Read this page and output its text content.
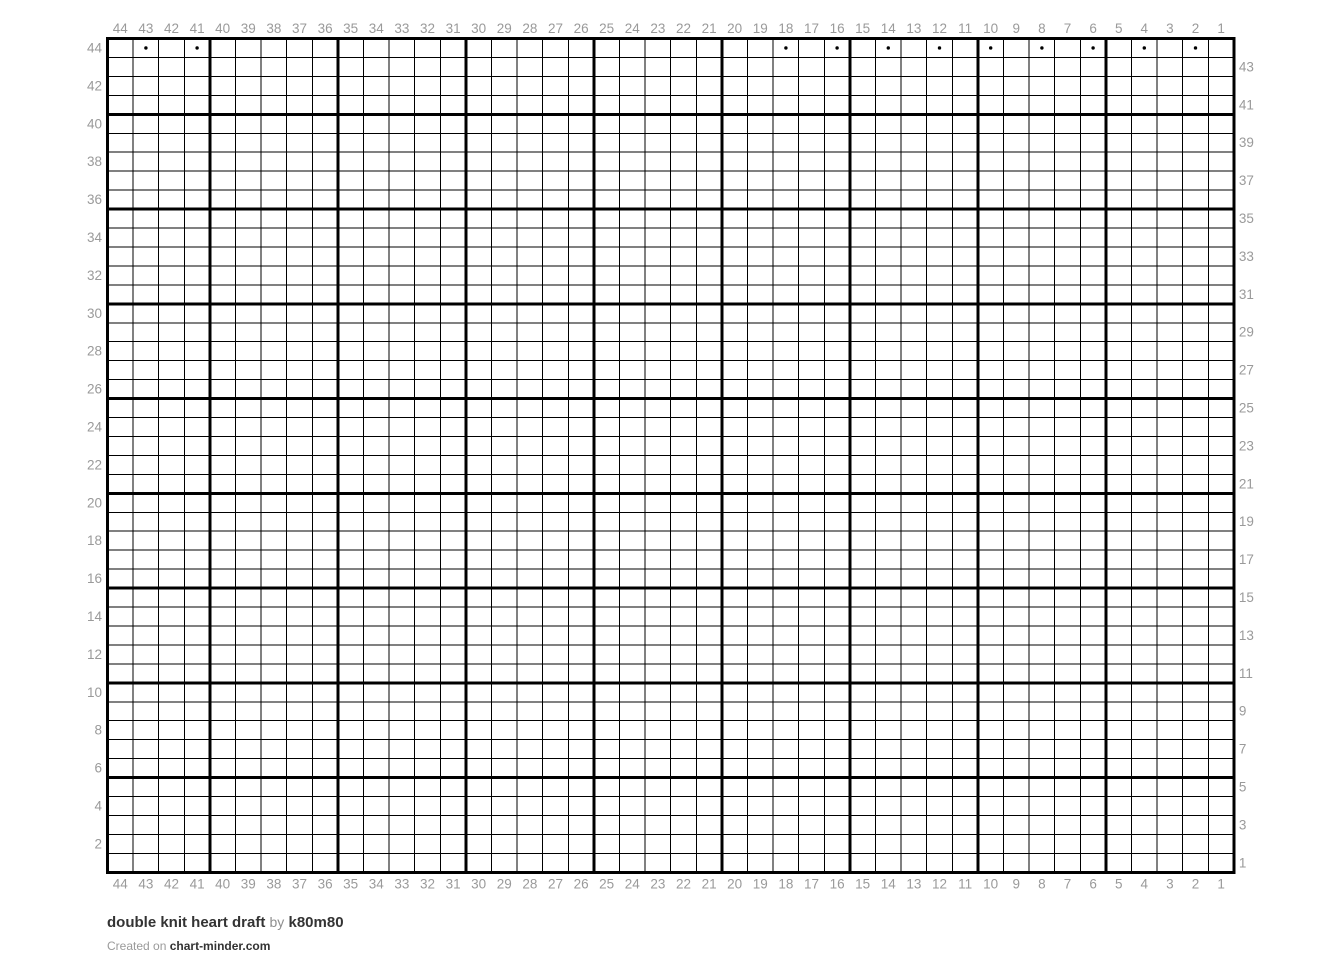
44 43 42 41 40 39 38 37 36 35 34 33 32 31 30 29 28 27 26 25 24 23 22 21 20 19 18 17 16 15 14 13 12 11 10 9 8 7 6 5 4 3 2 1
44 43 42 41 40 39 38 37 36 35 34 33 32 31 30 29 28 27 26 25 24 23 22 21 20 19 18 17 16 15 14 13 12 11 10 9 8 7 6 5 4 3 2 1
44
42
40
38
36
34
32
30
28
26
24
22
20
18
16
14
12
10
8
6
4
2
43
41
39
37
35
33
31
29
27
25
23
21
19
17
15
13
11
9
7
5
3
1
double knit heart draft by k80m80
Created on chart-minder.com
